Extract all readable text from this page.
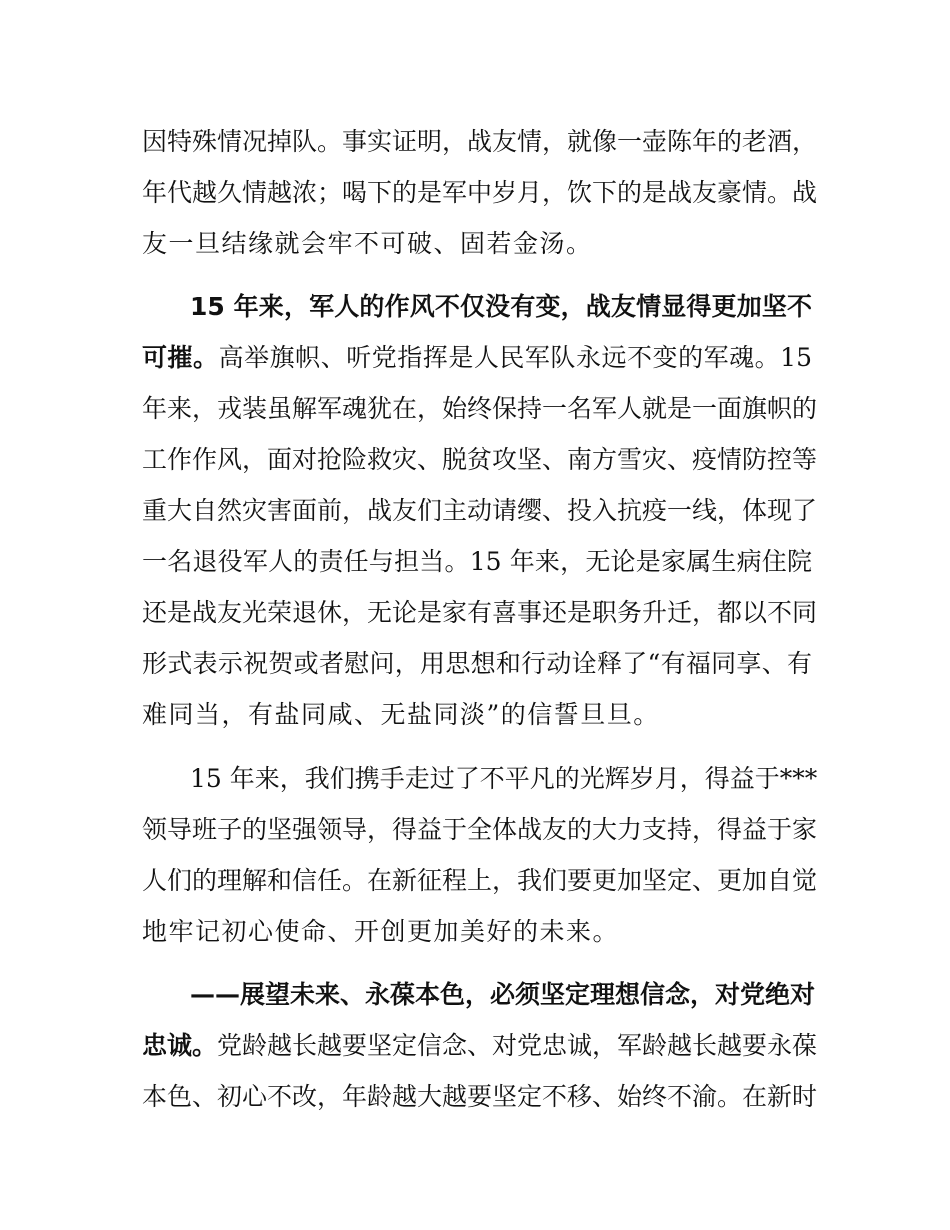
因特殊情况掉队。事实证明，战友情，就像一壶陈年的老酒，
年代越久情越浓；喝下的是军中岁月，饮下的是战友豪情。战
友一旦结缘就会牢不可破、固若金汤。
15 年来，军人的作风不仅没有变，战友情显得更加坚不
可摧。高举旗帜、听党指挥是人民军队永远不变的军魂。15
年来，戎装虽解军魂犹在，始终保持一名军人就是一面旗帜的
工作作风，面对抢险救灾、脱贫攻坚、南方雪灾、疫情防控等
重大自然灾害面前，战友们主动请缨、投入抗疫一线，体现了
一名退役军人的责任与担当。15 年来，无论是家属生病住院
还是战友光荣退休，无论是家有喜事还是职务升迁，都以不同
形式表示祝贺或者慰问，用思想和行动诠释了“有福同享、有
难同当，有盐同咸、无盐同淡”的信誓旦旦。
15 年来，我们携手走过了不平凡的光辉岁月，得益于***
领导班子的坚强领导，得益于全体战友的大力支持，得益于家
人们的理解和信任。在新征程上，我们要更加坚定、更加自觉
地牢记初心使命、开创更加美好的未来。
——展望未来、永葆本色，必须坚定理想信念，对党绝对
忠诚。党龄越长越要坚定信念、对党忠诚，军龄越长越要永葆
本色、初心不改，年龄越大越要坚定不移、始终不渝。在新时
